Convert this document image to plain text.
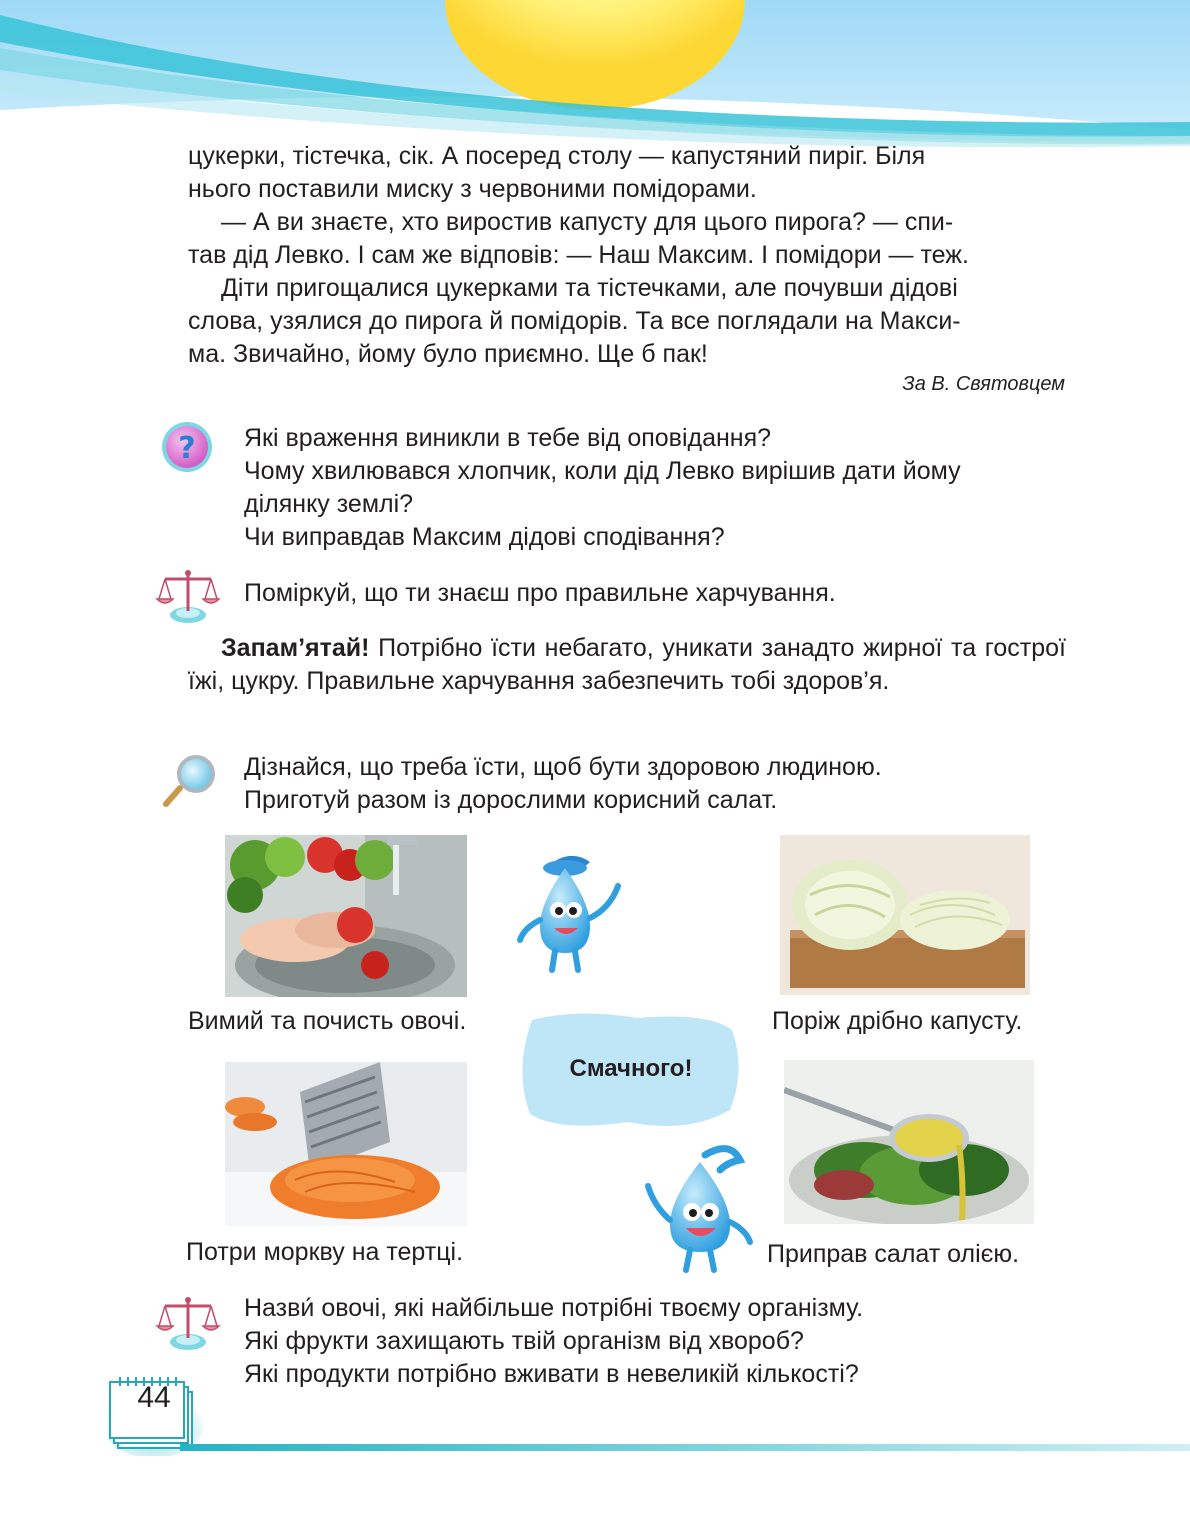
цукерки, тістечка, сік. А посеред столу — капустяний пиріг. Біля

нього поставили миску з червоними помідорами.

— А ви знаєте, хто виростив капусту для цього пирога? — спи-

тав дід Левко. І сам же відповів: — Наш Максим. І помідори — теж.

Діти пригощалися цукерками та тістечками, але почувши дідові

слова, узялися до пирога й помідорів. Та все поглядали на Макси-

ма. Звичайно, йому було приємно. Ще б пак!

За В. Святовцем
? Які враження виникли в тебе від оповідання?
Чому хвилювався хлопчик, коли дід Левко вирішив дати йому
ділянку землі?
Чи виправдав Максим дідові сподівання?
Поміркуй, що ти знаєш про правильне харчування.
Запам’ятай! Потрібно їсти небагато, уникати занадто жирної та гострої їжі, цукру. Правильне харчування забезпечить тобі здоров’я.
Дізнайся, що треба їсти, щоб бути здоровою людиною.
Приготуй разом із дорослими корисний салат.
Вимий та почисть овочі.	Поріж дрібно капусту.
Смачного!
Потри моркву на тертці.	Приправ салат олією.
Назви́ овочі, які найбільше потрібні твоєму організму.
Які фрукти захищають твій організм від хвороб?
Які продукти потрібно вживати в невеликій кількості?
44
